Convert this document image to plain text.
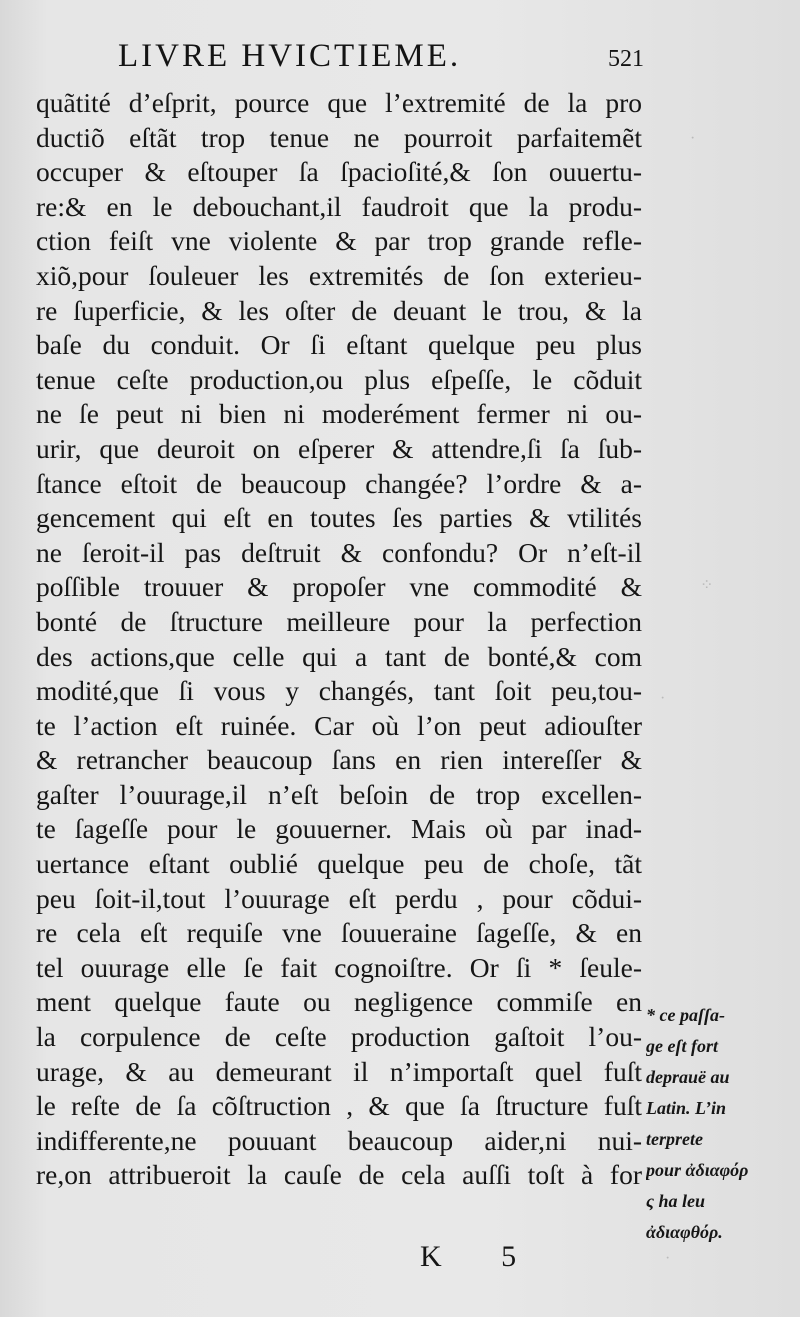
LIVRE HVICTIEME.	521
quãtité d’eſprit, pource que l’extremité de la pro
ductiõ eſtãt trop tenue ne pourroit parfaitemẽt
occuper & eſtouper ſa ſpacioſité,& ſon ouuertu-
re:& en le debouchant,il faudroit que la produ-
ction feiſt vne violente & par trop grande refle-
xiõ,pour ſouleuer les extremités de ſon exterieu-
re ſuperficie, & les oſter de deuant le trou, & la
baſe du conduit. Or ſi eſtant quelque peu plus
tenue ceſte production,ou plus eſpeſſe, le cõduit
ne ſe peut ni bien ni moderément fermer ni ou-
urir, que deuroit on eſperer & attendre,ſi ſa ſub-
ſtance eſtoit de beaucoup changée? l’ordre & a-
gencement qui eſt en toutes ſes parties & vtilités
ne ſeroit-il pas deſtruit & confondu? Or n’eſt-il
poſſible trouuer & propoſer vne commodité &
bonté de ſtructure meilleure pour la perfection
des actions,que celle qui a tant de bonté,& com
modité,que ſi vous y changés, tant ſoit peu,tou-
te l’action eſt ruinée. Car où l’on peut adiouſter
& retrancher beaucoup ſans en rien intereſſer &
gaſter l’ouurage,il n’eſt beſoin de trop excellen-
te ſageſſe pour le gouuerner. Mais où par inad-
uertance eſtant oublié quelque peu de choſe, tãt
peu ſoit-il,tout l’ouurage eſt perdu , pour cõdui-
re cela eſt requiſe vne ſouueraine ſageſſe, & en
tel ouurage elle ſe fait cognoiſtre. Or ſi * ſeule-
ment quelque faute ou negligence commiſe en
la corpulence de ceſte production gaſtoit l’ou-
urage, & au demeurant il n’importaſt quel fuſt
le reſte de ſa cõſtruction , & que ſa ſtructure fuſt
indifferente,ne pouuant beaucoup aider,ni nui-
re,on attribueroit la cauſe de cela auſſi toſt à for
* ce paſſa-
ge eſt fort
deprauë au
Latin. L’in
terprete
pour ἀδιαφόρ
ς ha leu
ἀδιαφθόρ.
K 5
·
⁘
·
·
